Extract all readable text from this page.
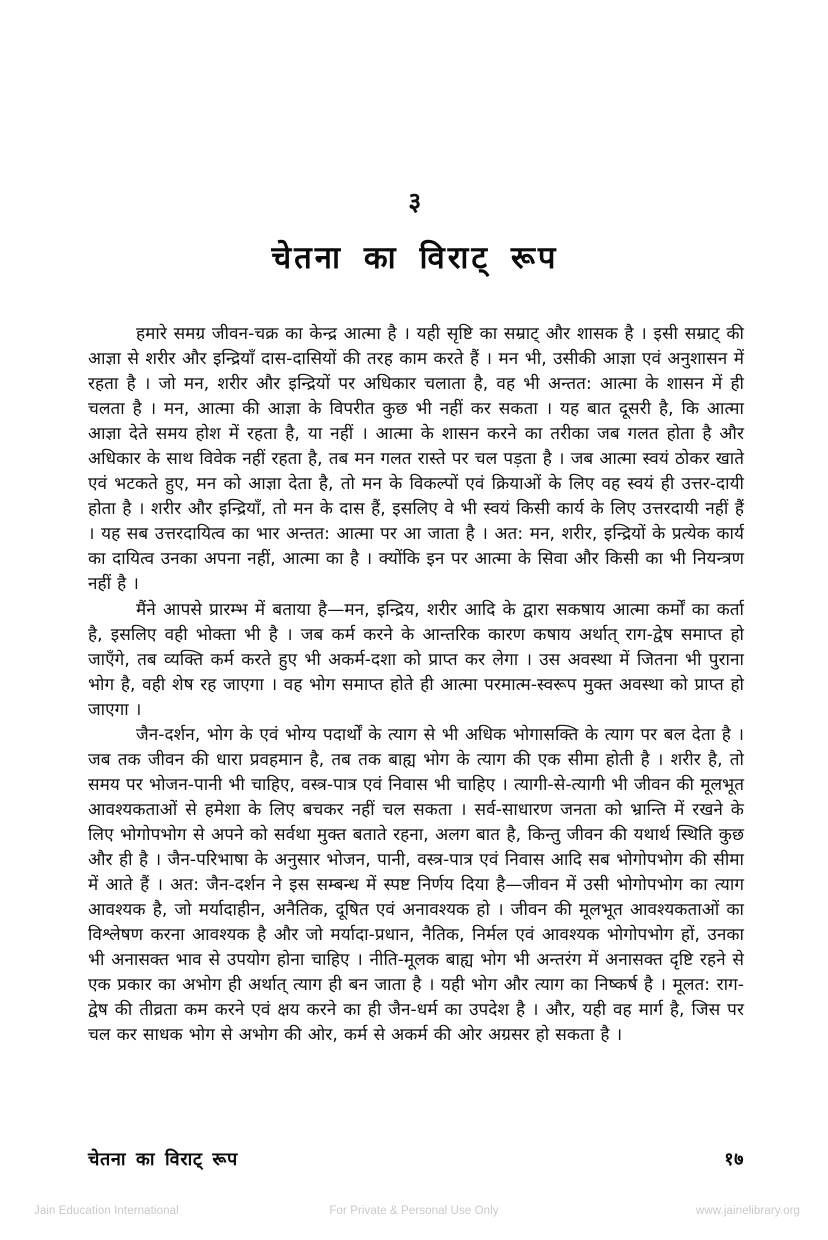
३
चेतना का विराट् रूप

हमारे समग्र जीवन-चक्र का केन्द्र आत्मा है । यही सृष्टि का सम्राट् और शासक है । इसी सम्राट् की आज्ञा से शरीर और इन्द्रियाँ दास-दासियों की तरह काम करते हैं । मन भी, उसीकी आज्ञा एवं अनुशासन में रहता है । जो मन, शरीर और इन्द्रियों पर अधिकार चलाता है, वह भी अन्तत: आत्मा के शासन में ही चलता है । मन, आत्मा की आज्ञा के विपरीत कुछ भी नहीं कर सकता । यह बात दूसरी है, कि आत्मा आज्ञा देते समय होश में रहता है, या नहीं । आत्मा के शासन करने का तरीका जब गलत होता है और अधिकार के साथ विवेक नहीं रहता है, तब मन गलत रास्ते पर चल पड़ता है । जब आत्मा स्वयं ठोकर खाते एवं भटकते हुए, मन को आज्ञा देता है, तो मन के विकल्पों एवं क्रियाओं के लिए वह स्वयं ही उत्तर-दायी होता है । शरीर और इन्द्रियाँ, तो मन के दास हैं, इसलिए वे भी स्वयं किसी कार्य के लिए उत्तरदायी नहीं हैं । यह सब उत्तरदायित्व का भार अन्तत: आत्मा पर आ जाता है । अत: मन, शरीर, इन्द्रियों के प्रत्येक कार्य का दायित्व उनका अपना नहीं, आत्मा का है । क्योंकि इन पर आत्मा के सिवा और किसी का भी नियन्त्रण नहीं है ।

मैंने आपसे प्रारम्भ में बताया है—मन, इन्द्रिय, शरीर आदि के द्वारा सकषाय आत्मा कर्मों का कर्ता है, इसलिए वही भोक्ता भी है । जब कर्म करने के आन्तरिक कारण कषाय अर्थात् राग-द्वेष समाप्त हो जाएँगे, तब व्यक्ति कर्म करते हुए भी अकर्म-दशा को प्राप्त कर लेगा । उस अवस्था में जितना भी पुराना भोग है, वही शेष रह जाएगा । वह भोग समाप्त होते ही आत्मा परमात्म-स्वरूप मुक्त अवस्था को प्राप्त हो जाएगा ।

जैन-दर्शन, भोग के एवं भोग्य पदार्थों के त्याग से भी अधिक भोगासक्ति के त्याग पर बल देता है । जब तक जीवन की धारा प्रवहमान है, तब तक बाह्य भोग के त्याग की एक सीमा होती है । शरीर है, तो समय पर भोजन-पानी भी चाहिए, वस्त्र-पात्र एवं निवास भी चाहिए । त्यागी-से-त्यागी भी जीवन की मूलभूत आवश्यकताओं से हमेशा के लिए बचकर नहीं चल सकता । सर्व-साधारण जनता को भ्रान्ति में रखने के लिए भोगोपभोग से अपने को सर्वथा मुक्त बताते रहना, अलग बात है, किन्तु जीवन की यथार्थ स्थिति कुछ और ही है । जैन-परिभाषा के अनुसार भोजन, पानी, वस्त्र-पात्र एवं निवास आदि सब भोगोपभोग की सीमा में आते हैं । अत: जैन-दर्शन ने इस सम्बन्ध में स्पष्ट निर्णय दिया है—जीवन में उसी भोगोपभोग का त्याग आवश्यक है, जो मर्यादाहीन, अनैतिक, दूषित एवं अनावश्यक हो । जीवन की मूलभूत आवश्यकताओं का विश्लेषण करना आवश्यक है और जो मर्यादा-प्रधान, नैतिक, निर्मल एवं आवश्यक भोगोपभोग हों, उनका भी अनासक्त भाव से उपयोग होना चाहिए । नीति-मूलक बाह्य भोग भी अन्तरंग में अनासक्त दृष्टि रहने से एक प्रकार का अभोग ही अर्थात् त्याग ही बन जाता है । यही भोग और त्याग का निष्कर्ष है । मूलत: राग-द्वेष की तीव्रता कम करने एवं क्षय करने का ही जैन-धर्म का उपदेश है । और, यही वह मार्ग है, जिस पर चल कर साधक भोग से अभोग की ओर, कर्म से अकर्म की ओर अग्रसर हो सकता है ।

चेतना का विराट् रूप	१७
Jain Education International	For Private & Personal Use Only	www.jainelibrary.org
